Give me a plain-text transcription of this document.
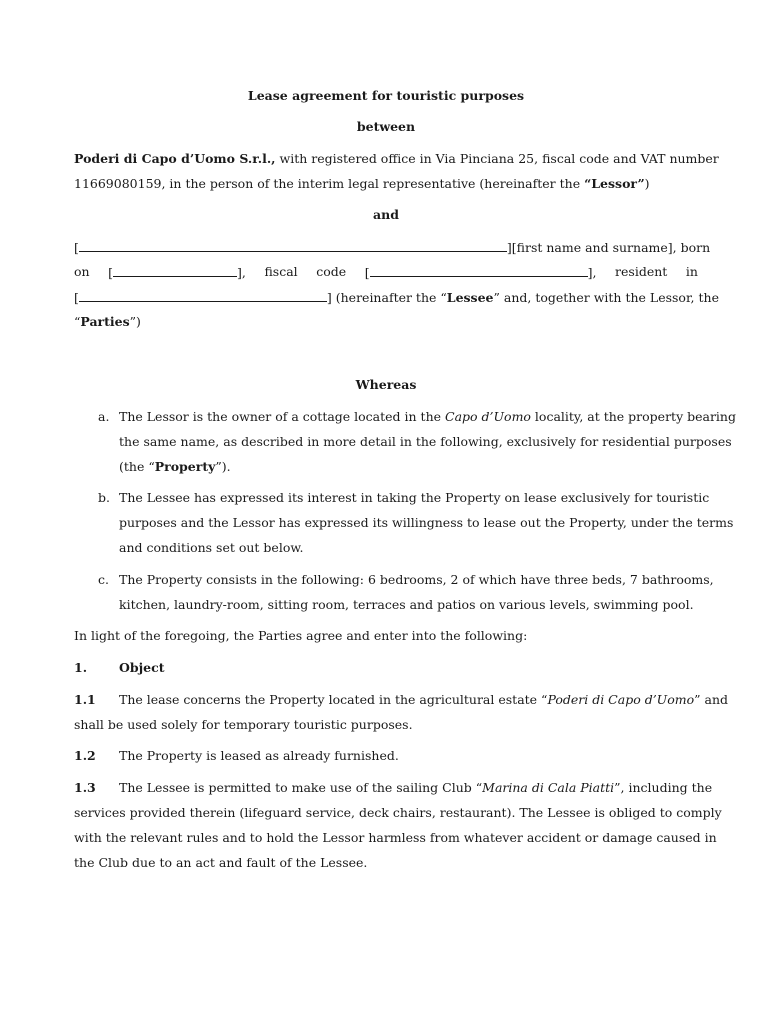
Lease agreement for touristic purposes
between
Poderi di Capo d’Uomo S.r.l., with registered office in Via Pinciana 25, fiscal code and VAT number
11669080159, in the person of the interim legal representative (hereinafter the “Lessor”)
and
[	][first name and surname], born
on [	], fiscal code [	], resident in
[	] (hereinafter the “Lessee” and, together with the Lessor, the
“Parties”)
Whereas
a. The Lessor is the owner of a cottage located in the Capo d’Uomo locality, at the property bearing
the same name, as described in more detail in the following, exclusively for residential purposes
(the “Property”).
b. The Lessee has expressed its interest in taking the Property on lease exclusively for touristic
purposes and the Lessor has expressed its willingness to lease out the Property, under the terms
and conditions set out below.
c. The Property consists in the following: 6 bedrooms, 2 of which have three beds, 7 bathrooms,
kitchen, laundry-room, sitting room, terraces and patios on various levels, swimming pool.
In light of the foregoing, the Parties agree and enter into the following:
1.	Object
1.1 The lease concerns the Property located in the agricultural estate “Poderi di Capo d’Uomo” and
shall be used solely for temporary touristic purposes.
1.2 The Property is leased as already furnished.
1.3 The Lessee is permitted to make use of the sailing Club “Marina di Cala Piatti”, including the
services provided therein (lifeguard service, deck chairs, restaurant). The Lessee is obliged to comply
with the relevant rules and to hold the Lessor harmless from whatever accident or damage caused in
the Club due to an act and fault of the Lessee.
